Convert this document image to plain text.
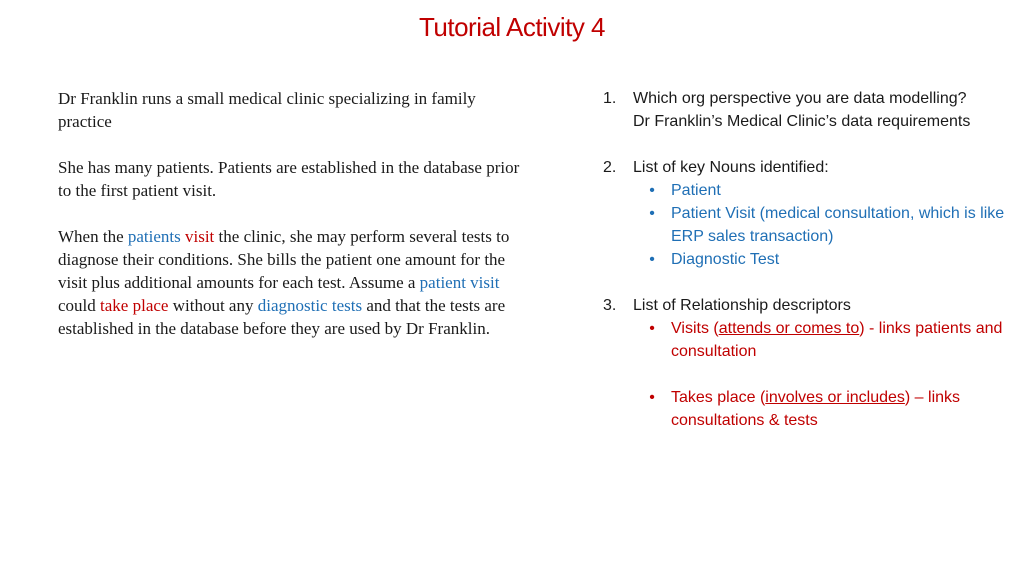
Tutorial Activity 4

Dr Franklin runs a small medical clinic specializing in family practice

She has many patients. Patients are established in the database prior to the first patient visit.

When the patients visit the clinic, she may perform several tests to diagnose their conditions. She bills the patient one amount for the visit plus additional amounts for each test. Assume a patient visit could take place without any diagnostic tests and that the tests are established in the database before they are used by Dr Franklin.

1.	Which org perspective you are data modelling?
Dr Franklin’s Medical Clinic’s data requirements
2.	List of key Nouns identified:
•	Patient
•	Patient Visit (medical consultation, which is like ERP sales transaction)
•	Diagnostic Test
3.	List of Relationship descriptors
•	Visits (attends or comes to) - links patients and consultation
•	Takes place (involves or includes) – links consultations & tests
